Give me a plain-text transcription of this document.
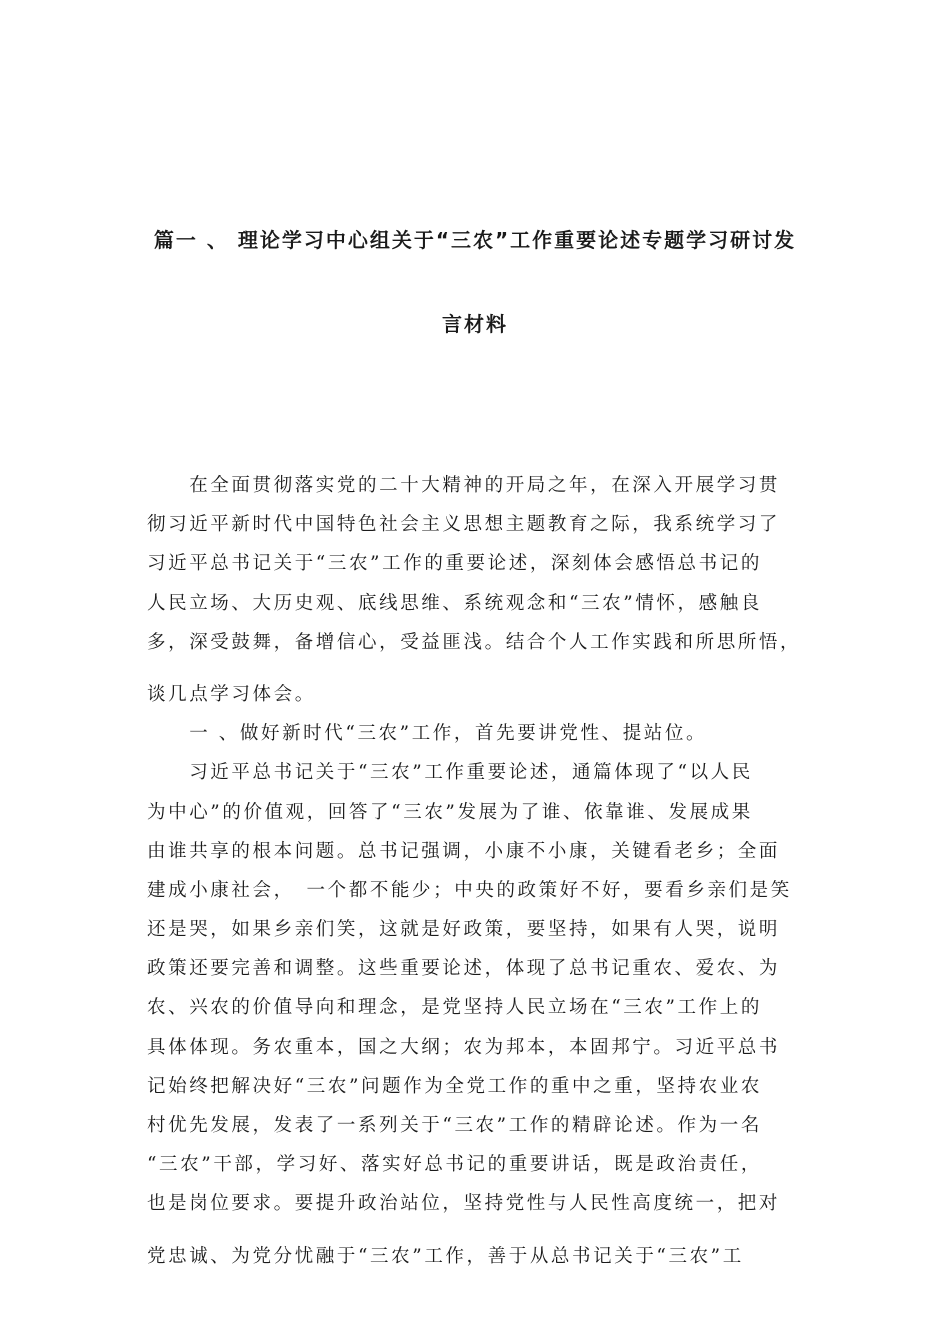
篇一 、 理论学习中心组关于“三农”工作重要论述专题学习研讨发
言材料
　　在全面贯彻落实党的二十大精神的开局之年，在深入开展学习贯
彻习近平新时代中国特色社会主义思想主题教育之际，我系统学习了
习近平总书记关于“三农”工作的重要论述，深刻体会感悟总书记的
人民立场、大历史观、底线思维、系统观念和“三农”情怀，感触良
多，深受鼓舞，备增信心，受益匪浅。结合个人工作实践和所思所悟，
谈几点学习体会。
　　一 、做好新时代“三农”工作，首先要讲党性、提站位。
　　习近平总书记关于“三农”工作重要论述，通篇体现了“以人民
为中心”的价值观，回答了“三农”发展为了谁、依靠谁、发展成果
由谁共享的根本问题。总书记强调，小康不小康，关键看老乡；全面
建成小康社会，　一个都不能少；中央的政策好不好，要看乡亲们是笑
还是哭，如果乡亲们笑，这就是好政策，要坚持，如果有人哭，说明
政策还要完善和调整。这些重要论述，体现了总书记重农、爱农、为
农、兴农的价值导向和理念，是党坚持人民立场在“三农”工作上的
具体体现。务农重本，国之大纲；农为邦本，本固邦宁。习近平总书
记始终把解决好“三农”问题作为全党工作的重中之重，坚持农业农
村优先发展，发表了一系列关于“三农”工作的精辟论述。作为一名
“三农”干部，学习好、落实好总书记的重要讲话，既是政治责任，
也是岗位要求。要提升政治站位，坚持党性与人民性高度统一，把对
党忠诚、为党分忧融于“三农”工作，善于从总书记关于“三农”工
